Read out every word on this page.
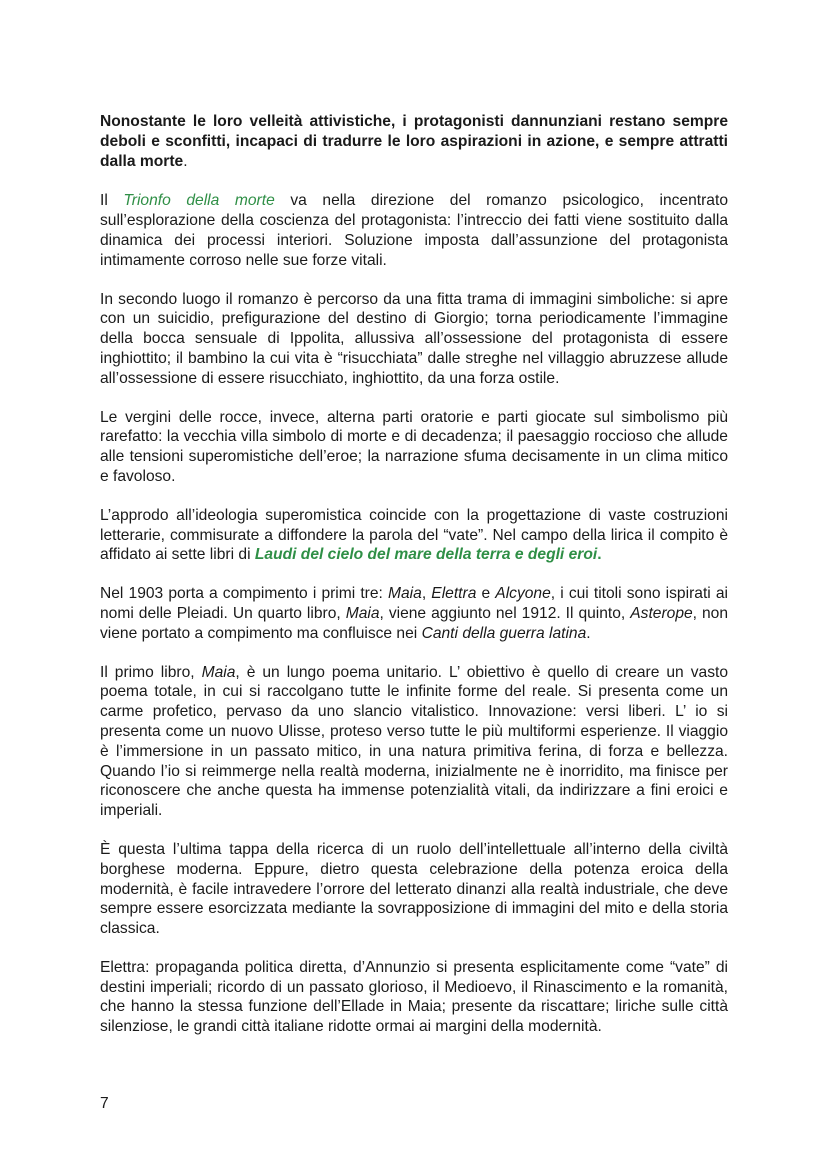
Nonostante le loro velleità attivistiche, i protagonisti dannunziani restano sempre deboli e sconfitti, incapaci di tradurre le loro aspirazioni in azione, e sempre attratti dalla morte.

Il Trionfo della morte va nella direzione del romanzo psicologico, incentrato sull’esplorazione della coscienza del protagonista: l’intreccio dei fatti viene sostituito dalla dinamica dei processi interiori. Soluzione imposta dall’assunzione del protagonista intimamente corroso nelle sue forze vitali.

In secondo luogo il romanzo è percorso da una fitta trama di immagini simboliche: si apre con un suicidio, prefigurazione del destino di Giorgio; torna periodicamente l’immagine della bocca sensuale di Ippolita, allussiva all’ossessione del protagonista di essere inghiottito; il bambino la cui vita è “risucchiata” dalle streghe nel villaggio abruzzese allude all’ossessione di essere risucchiato, inghiottito, da una forza ostile.

Le vergini delle rocce, invece, alterna parti oratorie e parti giocate sul simbolismo più rarefatto: la vecchia villa simbolo di morte e di decadenza; il paesaggio roccioso che allude alle tensioni superomistiche dell’eroe; la narrazione sfuma decisamente in un clima mitico e favoloso.

L’approdo all’ideologia superomistica coincide con la progettazione di vaste costruzioni letterarie, commisurate a diffondere la parola del “vate”. Nel campo della lirica il compito è affidato ai sette libri di Laudi del cielo del mare della terra e degli eroi.

Nel 1903 porta a compimento i primi tre: Maia, Elettra e Alcyone, i cui titoli sono ispirati ai nomi delle Pleiadi. Un quarto libro, Maia, viene aggiunto nel 1912. Il quinto, Asterope, non viene portato a compimento ma confluisce nei Canti della guerra latina.

Il primo libro, Maia, è un lungo poema unitario. L’ obiettivo è quello di creare un vasto poema totale, in cui si raccolgano tutte le infinite forme del reale. Si presenta come un carme profetico, pervaso da uno slancio vitalistico. Innovazione: versi liberi. L’ io si presenta come un nuovo Ulisse, proteso verso tutte le più multiformi esperienze. Il viaggio è l’immersione in un passato mitico, in una natura primitiva ferina, di forza e bellezza. Quando l’io si reimmerge nella realtà moderna, inizialmente ne è inorridito, ma finisce per riconoscere che anche questa ha immense potenzialità vitali, da indirizzare a fini eroici e imperiali.

È questa l’ultima tappa della ricerca di un ruolo dell’intellettuale all’interno della civiltà borghese moderna. Eppure, dietro questa celebrazione della potenza eroica della modernità, è facile intravedere l’orrore del letterato dinanzi alla realtà industriale, che deve sempre essere esorcizzata mediante la sovrapposizione di immagini del mito e della storia classica.

Elettra: propaganda politica diretta, d’Annunzio si presenta esplicitamente come “vate” di destini imperiali; ricordo di un passato glorioso, il Medioevo, il Rinascimento e la romanità, che hanno la stessa funzione dell’Ellade in Maia; presente da riscattare; liriche sulle città silenziose, le grandi città italiane ridotte ormai ai margini della modernità.

7
